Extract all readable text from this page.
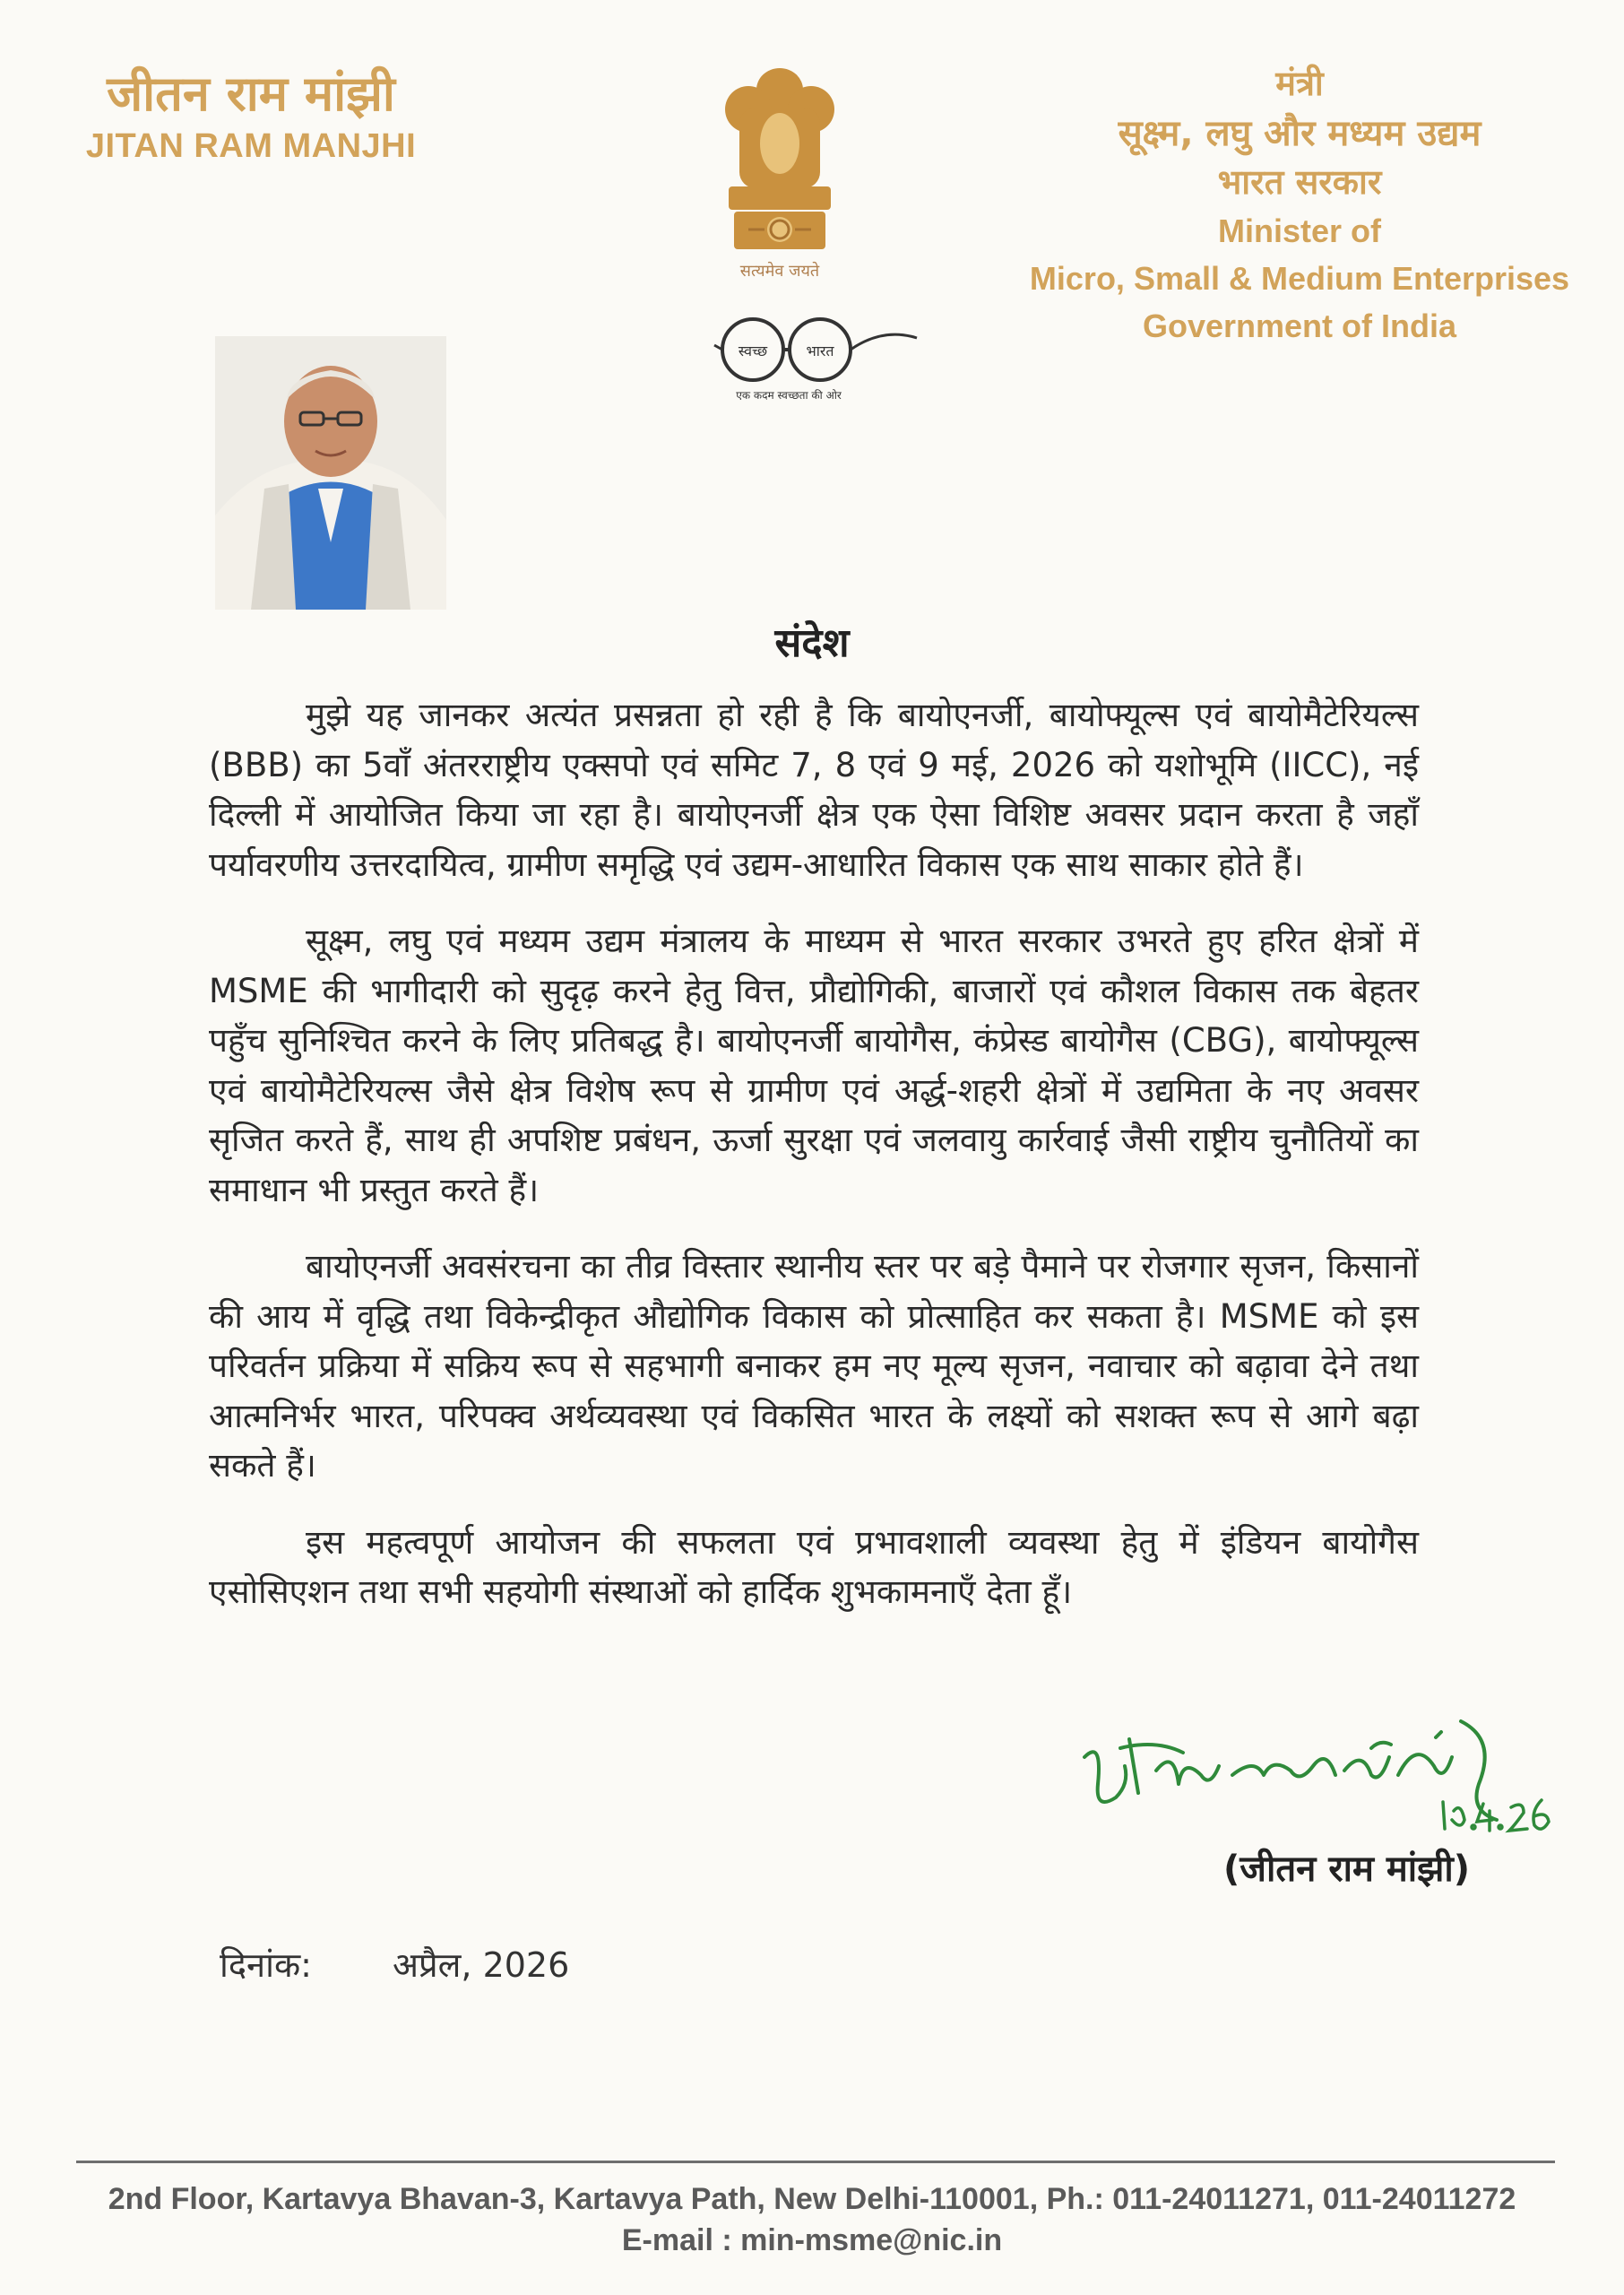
जीतन राम मांझी
JITAN RAM MANJHI
सत्यमेव जयते
स्वच्छ	भारत
एक कदम स्वच्छता की ओर
मंत्री
सूक्ष्म, लघु और मध्यम उद्यम
भारत सरकार
Minister of
Micro, Small & Medium Enterprises
Government of India
संदेश

मुझे यह जानकर अत्यंत प्रसन्नता हो रही है कि बायोएनर्जी, बायोफ्यूल्स एवं बायोमैटेरियल्स (BBB) का 5वाँ अंतरराष्ट्रीय एक्सपो एवं समिट 7, 8 एवं 9 मई, 2026 को यशोभूमि (IICC), नई दिल्ली में आयोजित किया जा रहा है। बायोएनर्जी क्षेत्र एक ऐसा विशिष्ट अवसर प्रदान करता है जहाँ पर्यावरणीय उत्तरदायित्व, ग्रामीण समृद्धि एवं उद्यम-आधारित विकास एक साथ साकार होते हैं।

सूक्ष्म, लघु एवं मध्यम उद्यम मंत्रालय के माध्यम से भारत सरकार उभरते हुए हरित क्षेत्रों में MSME की भागीदारी को सुदृढ़ करने हेतु वित्त, प्रौद्योगिकी, बाजारों एवं कौशल विकास तक बेहतर पहुँच सुनिश्चित करने के लिए प्रतिबद्ध है। बायोएनर्जी बायोगैस, कंप्रेस्ड बायोगैस (CBG), बायोफ्यूल्स एवं बायोमैटेरियल्स जैसे क्षेत्र विशेष रूप से ग्रामीण एवं अर्द्ध-शहरी क्षेत्रों में उद्यमिता के नए अवसर सृजित करते हैं, साथ ही अपशिष्ट प्रबंधन, ऊर्जा सुरक्षा एवं जलवायु कार्रवाई जैसी राष्ट्रीय चुनौतियों का समाधान भी प्रस्तुत करते हैं।

बायोएनर्जी अवसंरचना का तीव्र विस्तार स्थानीय स्तर पर बड़े पैमाने पर रोजगार सृजन, किसानों की आय में वृद्धि तथा विकेन्द्रीकृत औद्योगिक विकास को प्रोत्साहित कर सकता है। MSME को इस परिवर्तन प्रक्रिया में सक्रिय रूप से सहभागी बनाकर हम नए मूल्य सृजन, नवाचार को बढ़ावा देने तथा आत्मनिर्भर भारत, परिपक्व अर्थव्यवस्था एवं विकसित भारत के लक्ष्यों को सशक्त रूप से आगे बढ़ा सकते हैं।

इस महत्वपूर्ण आयोजन की सफलता एवं प्रभावशाली व्यवस्था हेतु में इंडियन बायोगैस एसोसिएशन तथा सभी सहयोगी संस्थाओं को हार्दिक शुभकामनाएँ देता हूँ।

(जीतन राम मांझी)
दिनांक: अप्रैल, 2026
2nd Floor, Kartavya Bhavan-3, Kartavya Path, New Delhi-110001, Ph.: 011-24011271, 011-24011272
E-mail : min-msme@nic.in
